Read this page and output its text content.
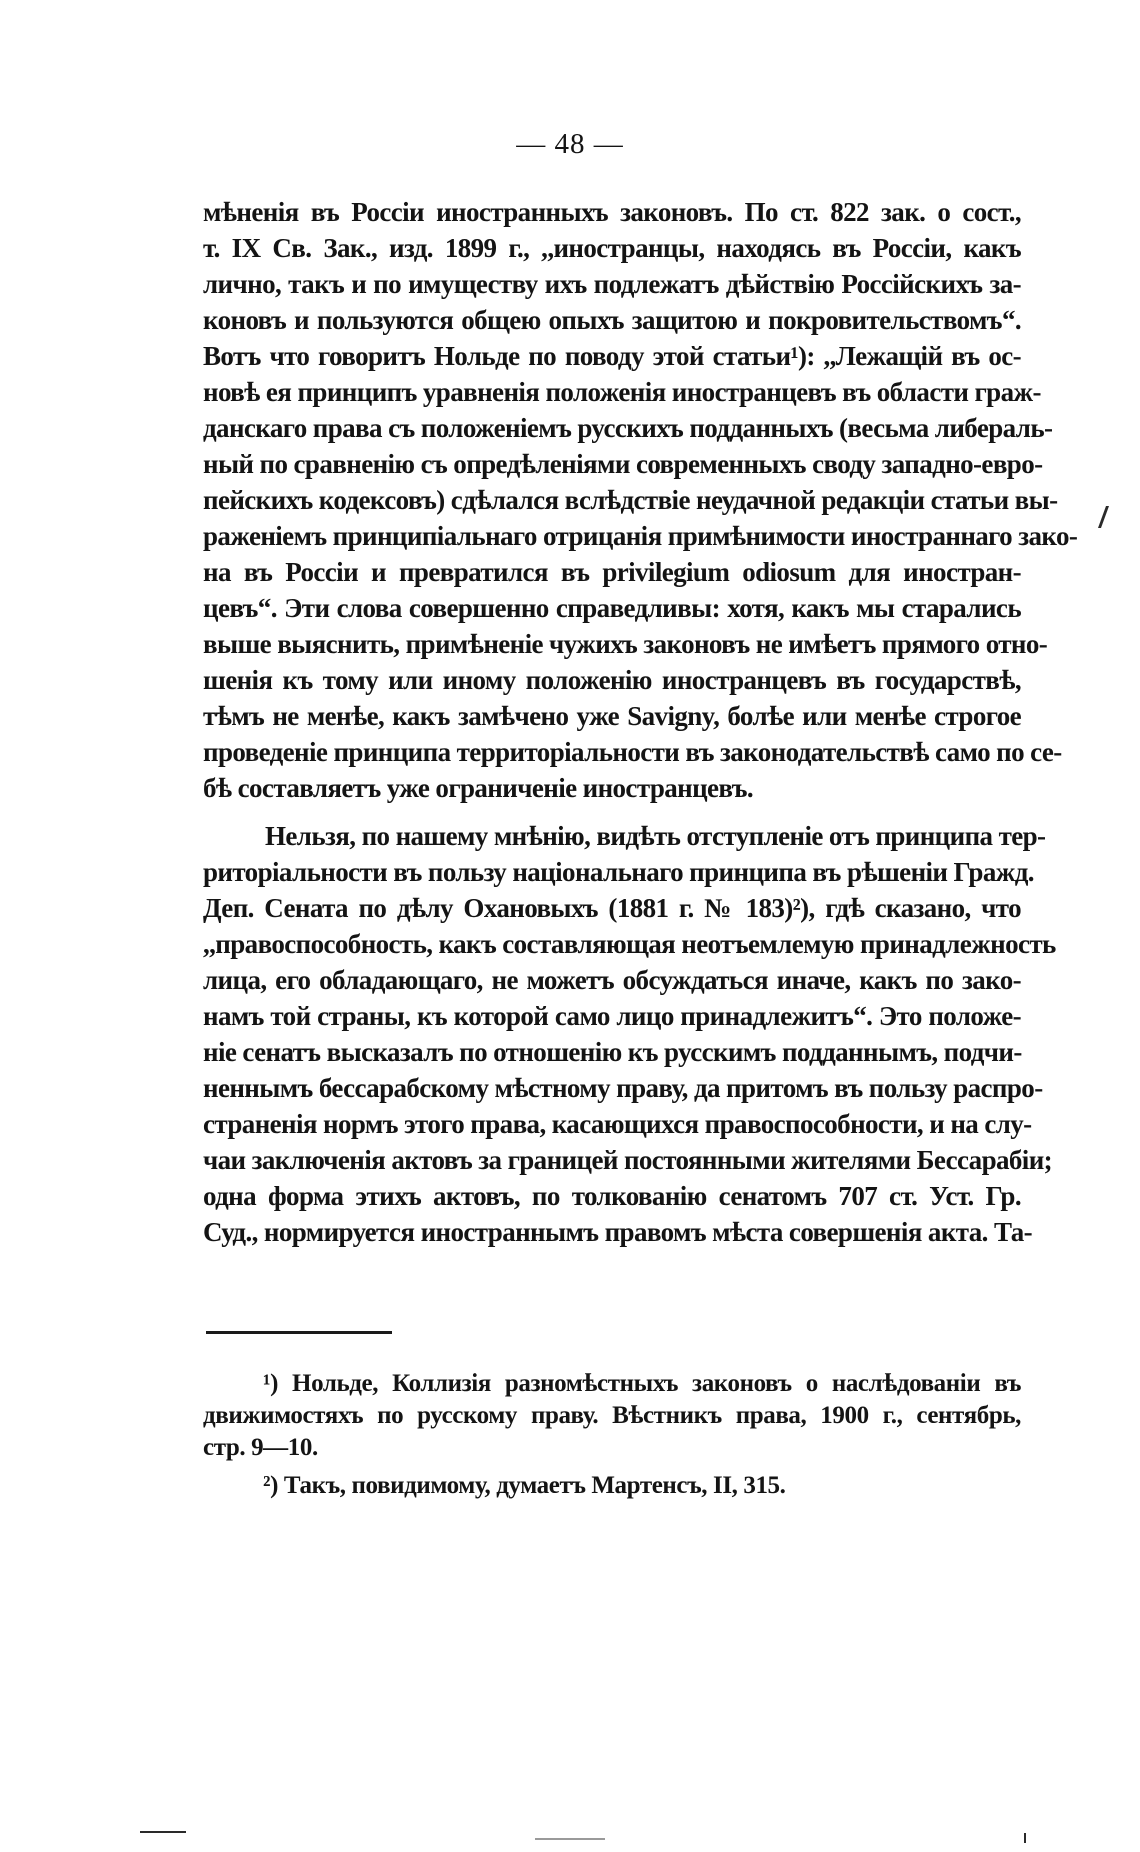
— 48 —
мѣненія въ Россіи иностранныхъ законовъ. По ст. 822 зак. о сост.,
т. IX Св. Зак., изд. 1899 г., ,,иностранцы, находясь въ Россіи, какъ
лично, такъ и по имуществу ихъ подлежатъ дѣйствію Россійскихъ за-
коновъ и пользуются общею опыхъ защитою и покровительствомъ“.
Вотъ что говоритъ Нольде по поводу этой статьи¹): ,,Лежащій въ ос-
новѣ ея принципъ уравненія положенія иностранцевъ въ области граж-
данскаго права съ положеніемъ русскихъ подданныхъ (весьма либераль-
ный по сравненію съ опредѣленіями современныхъ своду западно-евро-
пейскихъ кодексовъ) сдѣлался вслѣдствіе неудачной редакціи статьи вы-
раженіемъ принципіальнаго отрицанія примѣнимости иностраннаго зако-
на въ Россіи и превратился въ privilegium odiosum для иностран-
цевъ“. Эти слова совершенно справедливы: хотя, какъ мы старались
выше выяснить, примѣненіе чужихъ законовъ не имѣетъ прямого отно-
шенія къ тому или иному положенію иностранцевъ въ государствѣ,
тѣмъ не менѣе, какъ замѣчено уже Savigny, болѣе или менѣе строгое
проведеніе принципа территоріальности въ законодательствѣ само по се-
бѣ составляетъ уже ограниченіе иностранцевъ.
Нельзя, по нашему мнѣнію, видѣть отступленіе отъ принципа тер-
риторіальности въ пользу національнаго принципа въ рѣшеніи Гражд.
Деп. Сената по дѣлу Охановыхъ (1881 г. № 183)²), гдѣ сказано, что
,,правоспособность, какъ составляющая неотъемлемую принадлежность
лица, его обладающаго, не можетъ обсуждаться иначе, какъ по зако-
намъ той страны, къ которой само лицо принадлежитъ“. Это положе-
ніе сенатъ высказалъ по отношенію къ русскимъ подданнымъ, подчи-
неннымъ бессарабскому мѣстному праву, да притомъ въ пользу распро-
страненія нормъ этого права, касающихся правоспособности, и на слу-
чаи заключенія актовъ за границей постоянными жителями Бессарабіи;
одна форма этихъ актовъ, по толкованію сенатомъ 707 ст. Уст. Гр.
Суд., нормируется иностраннымъ правомъ мѣста совершенія акта. Та-
¹) Нольде, Коллизія разномѣстныхъ законовъ о наслѣдованіи въ
движимостяхъ по русскому праву. Вѣстникъ права, 1900 г., сентябрь,
стр. 9—10.
²) Такъ, повидимому, думаетъ Мартенсъ, II, 315.
